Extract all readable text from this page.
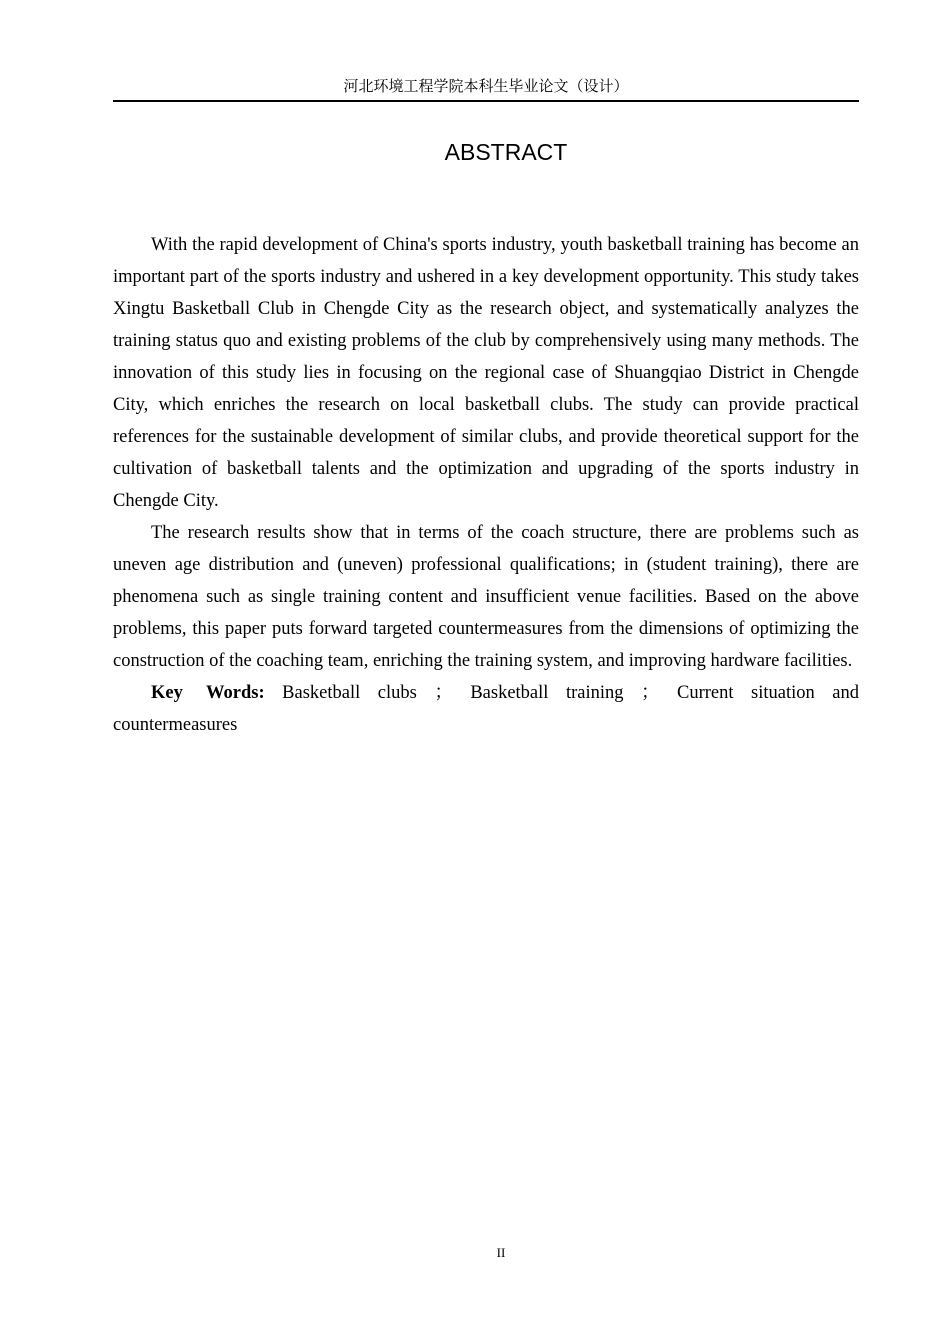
河北环境工程学院本科生毕业论文（设计）
ABSTRACT

With the rapid development of China's sports industry, youth basketball training has become an important part of the sports industry and ushered in a key development opportunity. This study takes Xingtu Basketball Club in Chengde City as the research object, and systematically analyzes the training status quo and existing problems of the club by comprehensively using many methods. The innovation of this study lies in focusing on the regional case of Shuangqiao District in Chengde City, which enriches the research on local basketball clubs. The study can provide practical references for the sustainable development of similar clubs, and provide theoretical support for the cultivation of basketball talents and the optimization and upgrading of the sports industry in Chengde City.

The research results show that in terms of the coach structure, there are problems such as uneven age distribution and (uneven) professional qualifications; in (student training), there are phenomena such as single training content and insufficient venue facilities. Based on the above problems, this paper puts forward targeted countermeasures from the dimensions of optimizing the construction of the coaching team, enriching the training system, and improving hardware facilities.

Key Words: Basketball clubs ； Basketball training ； Current situation and countermeasures

II
